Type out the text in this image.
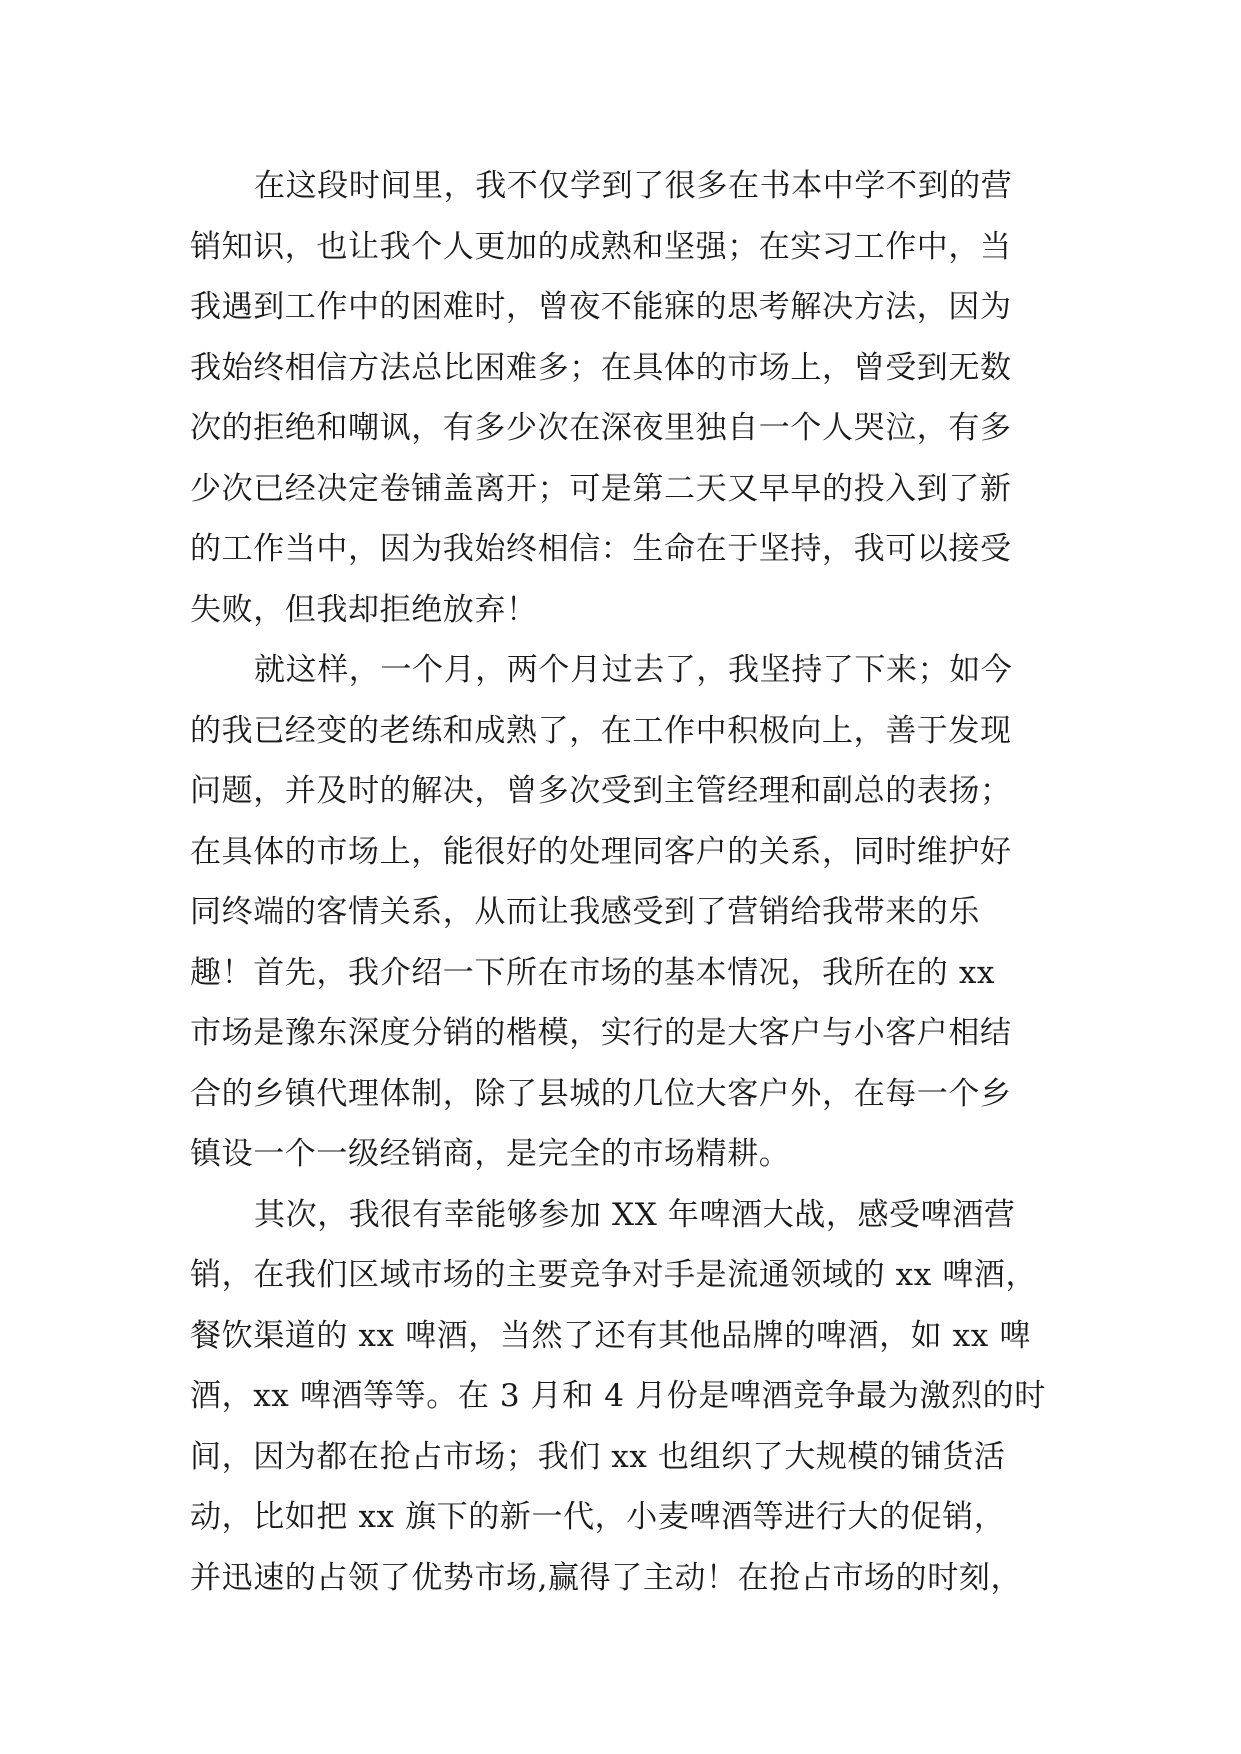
在这段时间里，我不仅学到了很多在书本中学不到的营
销知识，也让我个人更加的成熟和坚强；在实习工作中，当
我遇到工作中的困难时，曾夜不能寐的思考解决方法，因为
我始终相信方法总比困难多；在具体的市场上，曾受到无数
次的拒绝和嘲讽，有多少次在深夜里独自一个人哭泣，有多
少次已经决定卷铺盖离开；可是第二天又早早的投入到了新
的工作当中，因为我始终相信：生命在于坚持，我可以接受
失败，但我却拒绝放弃！
就这样，一个月，两个月过去了，我坚持了下来；如今
的我已经变的老练和成熟了，在工作中积极向上，善于发现
问题，并及时的解决，曾多次受到主管经理和副总的表扬；
在具体的市场上，能很好的处理同客户的关系，同时维护好
同终端的客情关系，从而让我感受到了营销给我带来的乐
趣！首先，我介绍一下所在市场的基本情况，我所在的 xx
市场是豫东深度分销的楷模，实行的是大客户与小客户相结
合的乡镇代理体制，除了县城的几位大客户外，在每一个乡
镇设一个一级经销商，是完全的市场精耕。
其次，我很有幸能够参加 XX 年啤酒大战，感受啤酒营
销，在我们区域市场的主要竞争对手是流通领域的 xx 啤酒，
餐饮渠道的 xx 啤酒，当然了还有其他品牌的啤酒，如 xx 啤
酒，xx 啤酒等等。在 3 月和 4 月份是啤酒竞争最为激烈的时
间，因为都在抢占市场；我们 xx 也组织了大规模的铺货活
动，比如把 xx 旗下的新一代，小麦啤酒等进行大的促销，
并迅速的占领了优势市场,赢得了主动！在抢占市场的时刻，
